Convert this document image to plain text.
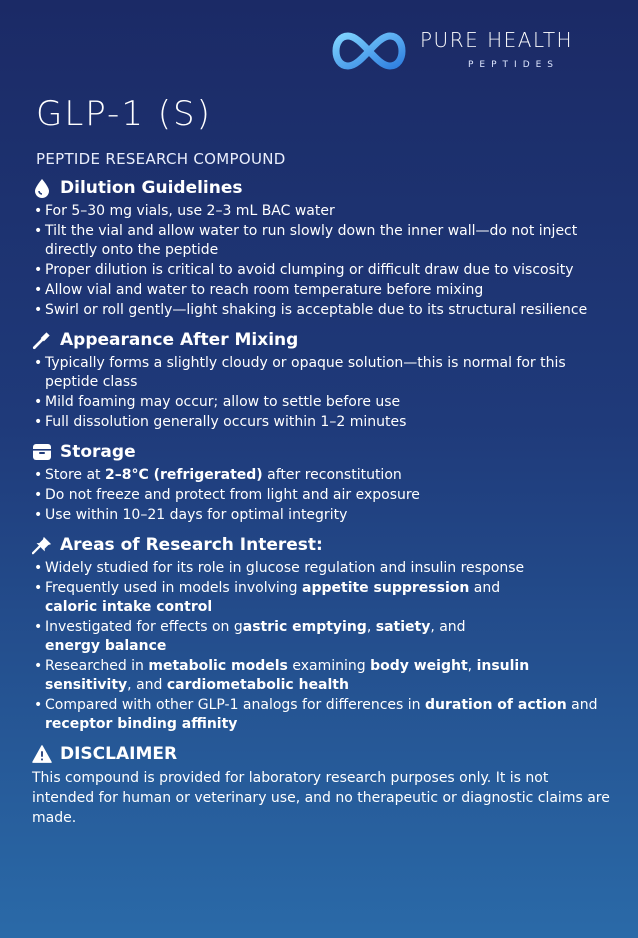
PURE HEALTH
PEPTIDES
GLP-1 (S)
PEPTIDE RESEARCH COMPOUND
Dilution Guidelines
• For 5–30 mg vials, use 2–3 mL BAC water
• Tilt the vial and allow water to run slowly down the inner wall—do not inject directly onto the peptide
• Proper dilution is critical to avoid clumping or difficult draw due to viscosity
• Allow vial and water to reach room temperature before mixing
• Swirl or roll gently—light shaking is acceptable due to its structural resilience
Appearance After Mixing
• Typically forms a slightly cloudy or opaque solution—this is normal for this peptide class
• Mild foaming may occur; allow to settle before use
• Full dissolution generally occurs within 1–2 minutes
Storage
• Store at 2–8°C (refrigerated) after reconstitution
• Do not freeze and protect from light and air exposure
• Use within 10–21 days for optimal integrity
Areas of Research Interest:
• Widely studied for its role in glucose regulation and insulin response
• Frequently used in models involving appetite suppression and
caloric intake control
• Investigated for effects on gastric emptying, satiety, and
energy balance
• Researched in metabolic models examining body weight, insulin sensitivity, and cardiometabolic health
• Compared with other GLP-1 analogs for differences in duration of action and receptor binding affinity
DISCLAIMER

This compound is provided for laboratory research purposes only. It is not intended for human or veterinary use, and no therapeutic or diagnostic claims are made.
